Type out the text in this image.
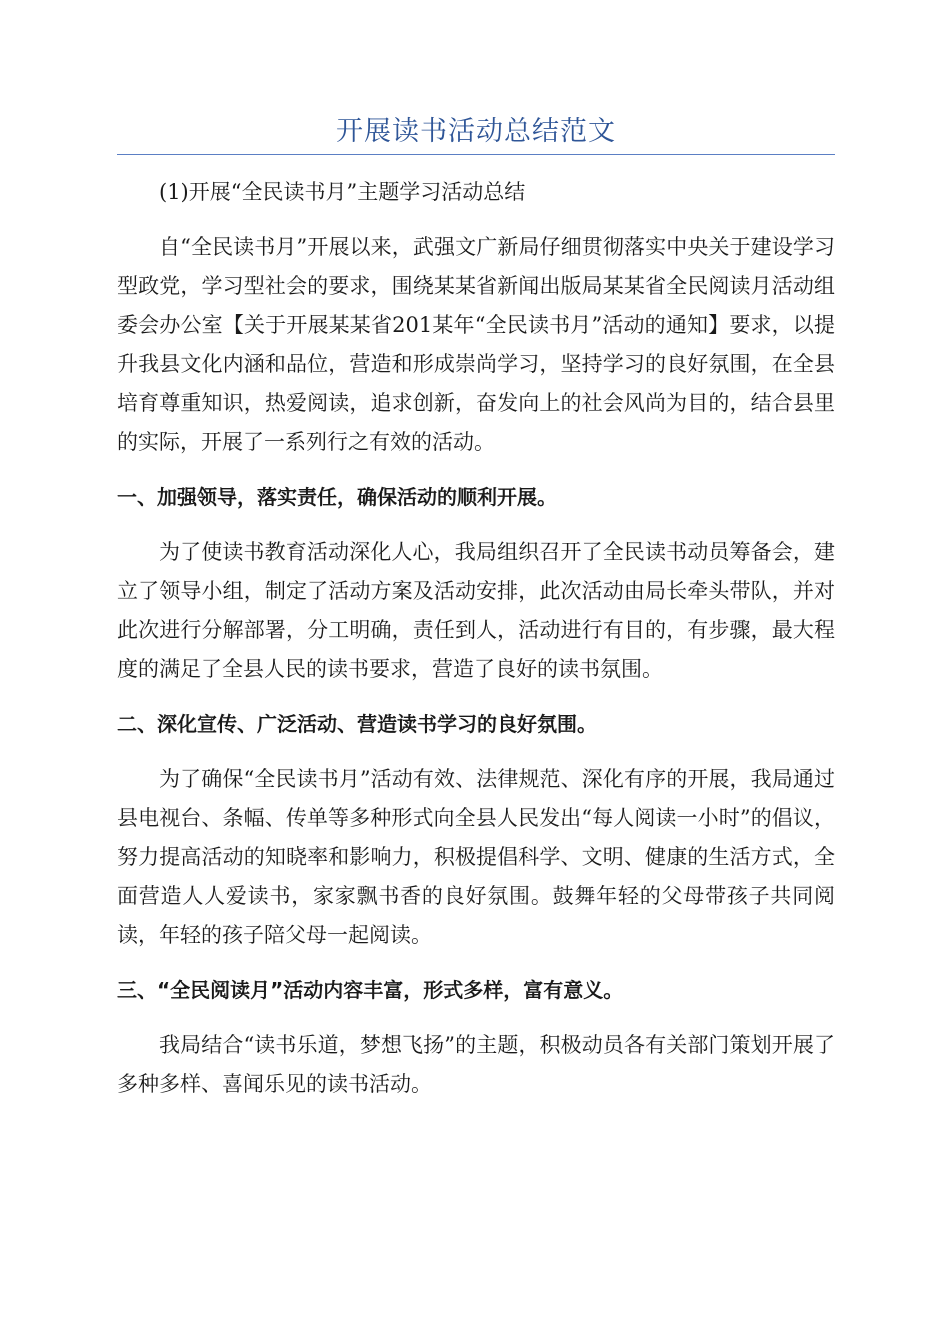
开展读书活动总结范文

(1)开展“全民读书月”主题学习活动总结

自“全民读书月”开展以来，武强文广新局仔细贯彻落实中央关于建设学习型政党，学习型社会的要求，围绕某某省新闻出版局某某省全民阅读月活动组委会办公室【关于开展某某省201某年“全民读书月”活动的通知】要求，以提升我县文化内涵和品位，营造和形成崇尚学习，坚持学习的良好氛围，在全县培育尊重知识，热爱阅读，追求创新，奋发向上的社会风尚为目的，结合县里的实际，开展了一系列行之有效的活动。

一、加强领导，落实责任，确保活动的顺利开展。

为了使读书教育活动深化人心，我局组织召开了全民读书动员筹备会，建立了领导小组，制定了活动方案及活动安排，此次活动由局长牵头带队，并对此次进行分解部署，分工明确，责任到人，活动进行有目的，有步骤，最大程度的满足了全县人民的读书要求，营造了良好的读书氛围。

二、深化宣传、广泛活动、营造读书学习的良好氛围。

为了确保“全民读书月”活动有效、法律规范、深化有序的开展，我局通过县电视台、条幅、传单等多种形式向全县人民发出“每人阅读一小时”的倡议，努力提高活动的知晓率和影响力，积极提倡科学、文明、健康的生活方式，全面营造人人爱读书，家家飘书香的良好氛围。鼓舞年轻的父母带孩子共同阅读，年轻的孩子陪父母一起阅读。

三、“全民阅读月”活动内容丰富，形式多样，富有意义。

我局结合“读书乐道，梦想飞扬”的主题，积极动员各有关部门策划开展了多种多样、喜闻乐见的读书活动。
